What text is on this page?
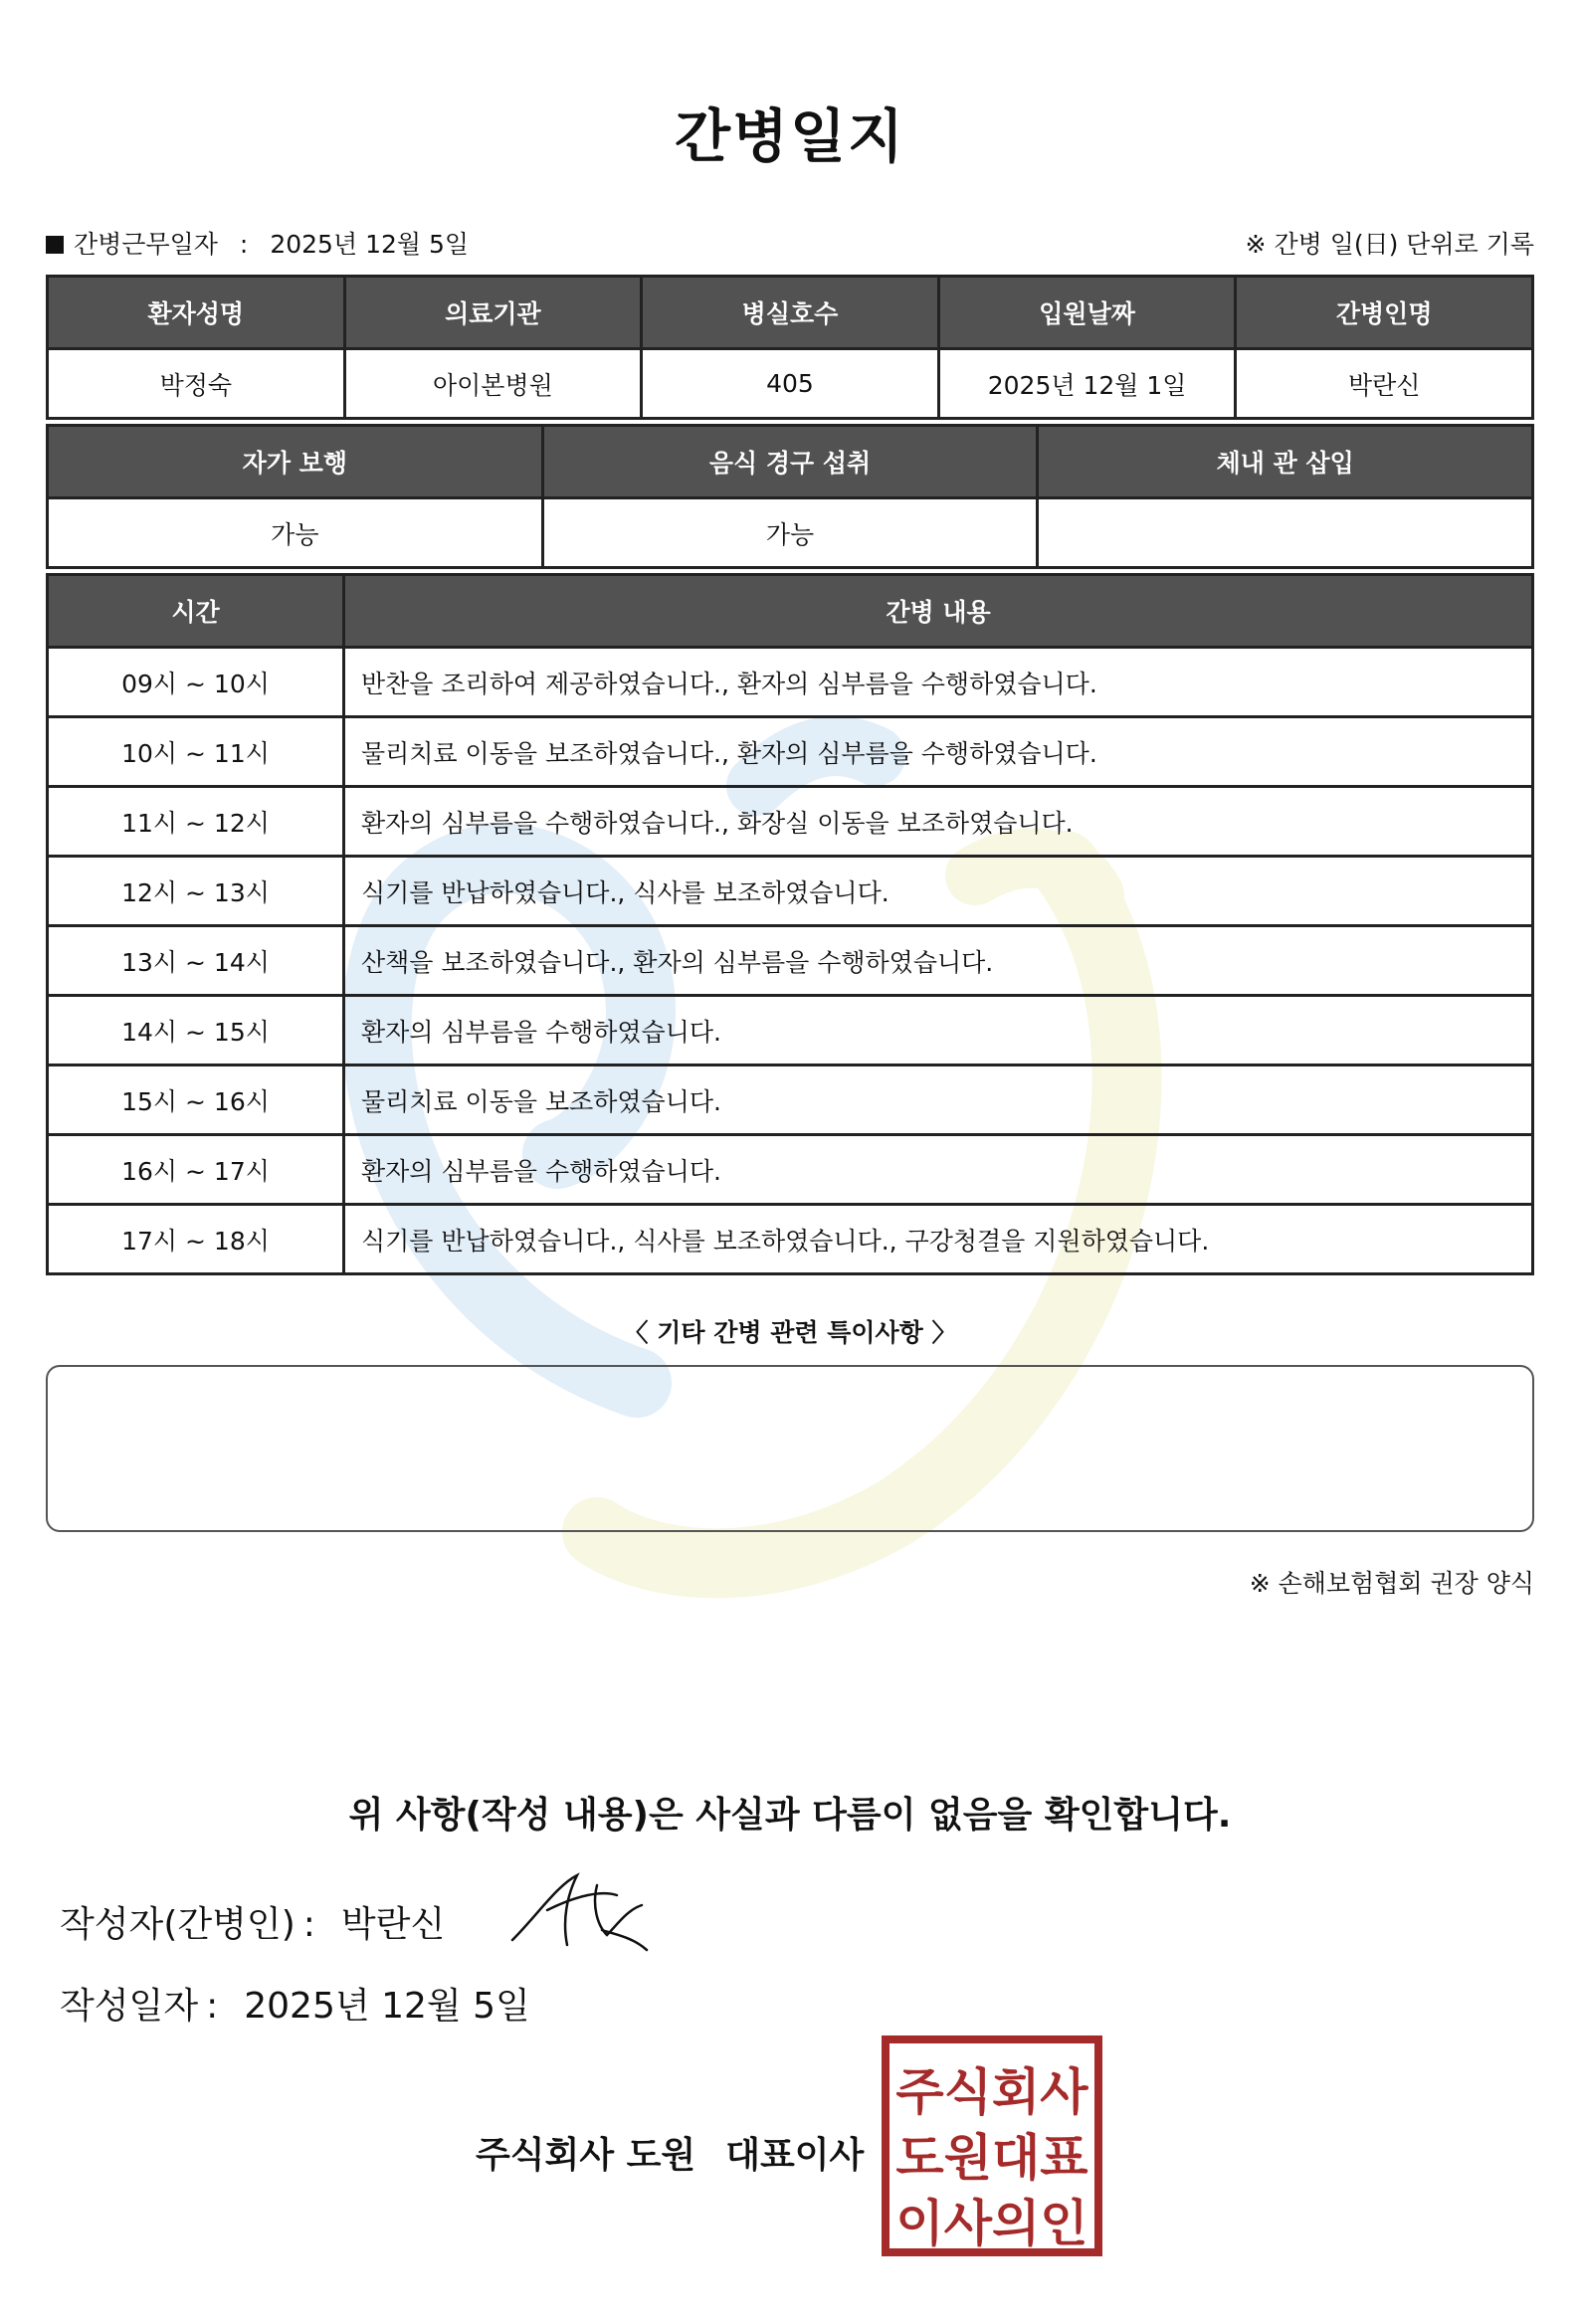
간병일지
간병근무일자 : 2025년 12월 5일	※ 간병 일(日) 단위로 기록
환자성명	의료기관	병실호수	입원날짜	간병인명
박정숙	아이본병원	405	2025년 12월 1일	박란신
자가 보행	음식 경구 섭취	체내 관 삽입
가능	가능	
시간	간병 내용
09시 ~ 10시	반찬을 조리하여 제공하였습니다., 환자의 심부름을 수행하였습니다.
10시 ~ 11시	물리치료 이동을 보조하였습니다., 환자의 심부름을 수행하였습니다.
11시 ~ 12시	환자의 심부름을 수행하였습니다., 화장실 이동을 보조하였습니다.
12시 ~ 13시	식기를 반납하였습니다., 식사를 보조하였습니다.
13시 ~ 14시	산책을 보조하였습니다., 환자의 심부름을 수행하였습니다.
14시 ~ 15시	환자의 심부름을 수행하였습니다.
15시 ~ 16시	물리치료 이동을 보조하였습니다.
16시 ~ 17시	환자의 심부름을 수행하였습니다.
17시 ~ 18시	식기를 반납하였습니다., 식사를 보조하였습니다., 구강청결을 지원하였습니다.
〈 기타 간병 관련 특이사항 〉
※ 손해보험협회 권장 양식
위 사항(작성 내용)은 사실과 다름이 없음을 확인합니다.
작성자(간병인) : 박란신
작성일자 : 2025년 12월 5일
주식회사 도원 대표이사
주식회사
도원대표
이사의인
